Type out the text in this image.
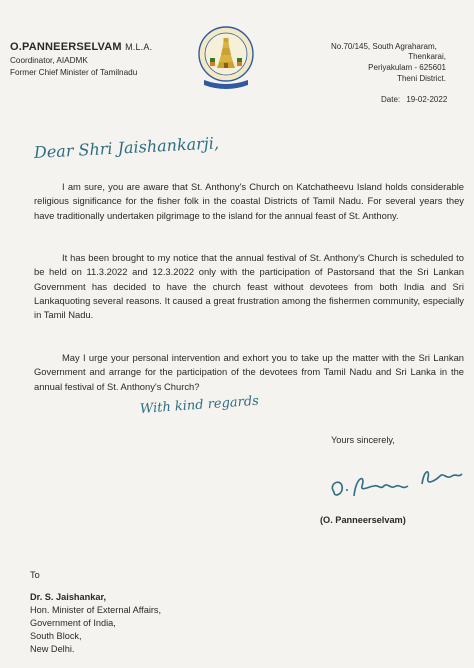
O.PANNEERSELVAM M.L.A.
Coordinator, AIADMK
Former Chief Minister of Tamilnadu
No.70/145, South Agraharam,
Thenkarai,
Periyakulam - 625601
Theni District.
Date: 19-02-2022
Dear Shri Jaishankarji,

I am sure, you are aware that St. Anthony's Church on Katchatheevu Island holds considerable religious significance for the fisher folk in the coastal Districts of Tamil Nadu. For several years they have traditionally undertaken pilgrimage to the island for the annual feast of St. Anthony.

It has been brought to my notice that the annual festival of St. Anthony's Church is scheduled to be held on 11.3.2022 and 12.3.2022 only with the participation of Pastorsand that the Sri Lankan Government has decided to have the church feast without devotees from both India and Sri Lankaquoting several reasons. It caused a great frustration among the fishermen community, especially in Tamil Nadu.

May I urge your personal intervention and exhort you to take up the matter with the Sri Lankan Government and arrange for the participation of the devotees from Tamil Nadu and Sri Lanka in the annual festival of St. Anthony's Church?

With kind regards
Yours sincerely,
(O. Panneerselvam)
To
Dr. S. Jaishankar,
Hon. Minister of External Affairs,
Government of India,
South Block,
New Delhi.
